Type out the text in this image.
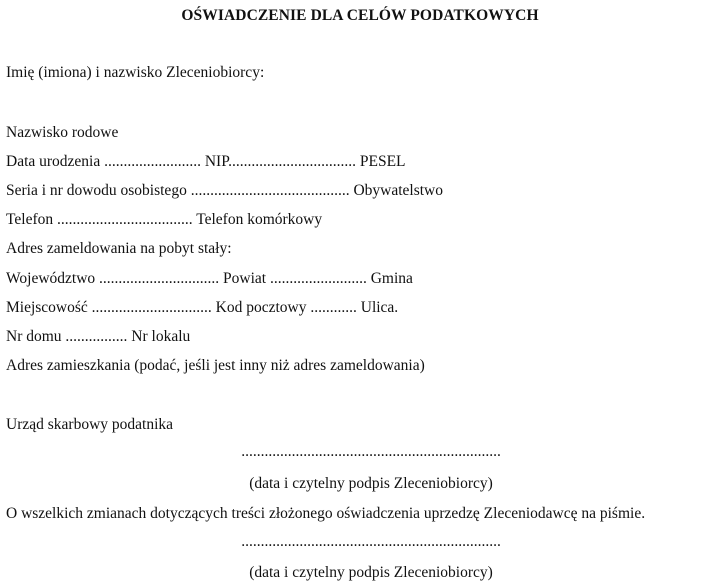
OŚWIADCZENIE DLA CELÓW PODATKOWYCH
Imię (imiona) i nazwisko Zleceniobiorcy:
Nazwisko rodowe
Data urodzenia ......................... NIP................................. PESEL
Seria i nr dowodu osobistego ......................................... Obywatelstwo
Telefon ................................... Telefon komórkowy
Adres zameldowania na pobyt stały:
Województwo ............................... Powiat ......................... Gmina
Miejscowość ............................... Kod pocztowy ............ Ulica.
Nr domu ................ Nr lokalu
Adres zamieszkania (podać, jeśli jest inny niż adres zameldowania)
Urząd skarbowy podatnika
...................................................................
(data i czytelny podpis Zleceniobiorcy)
O wszelkich zmianach dotyczących treści złożonego oświadczenia uprzedzę Zleceniodawcę na piśmie.
...................................................................
(data i czytelny podpis Zleceniobiorcy)
